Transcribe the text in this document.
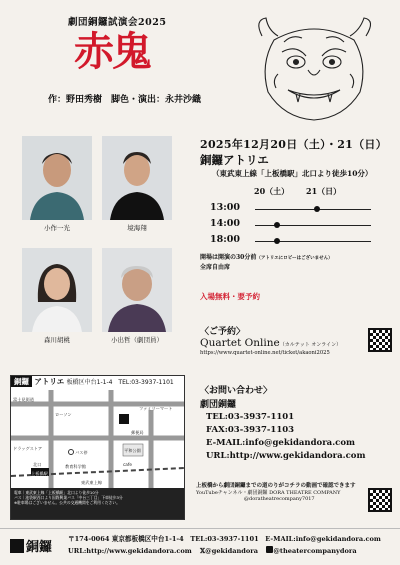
劇団銅鑼試演会2025
赤鬼
作：野田秀樹　脚色・演出：永井沙織
小作一光	境海翔
森川胡桃	小出哲（劇団員）
2025年12月20日（土）・21（日）
銅鑼アトリエ
（東武東上線「上板橋駅」北口より徒歩10分）
20（土） 21（日）
13:00
14:00
18:00
開場は開演の30分前（アトリエにロビーはございません）
全席自由席
入場無料・要予約
〈ご予約〉
Quartet Online（カルテット オンライン）
https://www.quartet-online.net/ticket/akaoni2025
〈お問い合わせ〉
劇団銅鑼
TEL:03-3937-1101
FAX:03-3937-1103
E-MAIL:info@gekidandora.com
URL:http://www.gekidandora.com
上板橋から劇団銅鑼までの道のりがコチラの動画で確認できます
YouTubeチャンネル・劇団銅鑼 DORA THEATRE COMPANY
@doratheatrecompany7017
銅鑼 アトリエ 板橋区中台1-1-4　TEL:03-3937-1101
富士見街道
ドラッグストア
ローソン
郵便局
平和公園
ファミリーマート
バス停
cafe
教育科学館
東武東上線
北口
上板橋駅
電車｜東武東上線「上板橋駅」北口より徒歩10分
バス｜池袋駅西口より国際興業バス「中台三丁目」下車徒歩3分
※駐車場はございません。公共の交通機関をご利用ください。
銅鑼
〒174-0064 東京都板橋区中台1-1-4　TEL:03-3937-1101　E-MAIL:info@gekidandora.com
URL:http://www.gekidandora.com 𝕏@gekidandora @theatercompanydora
